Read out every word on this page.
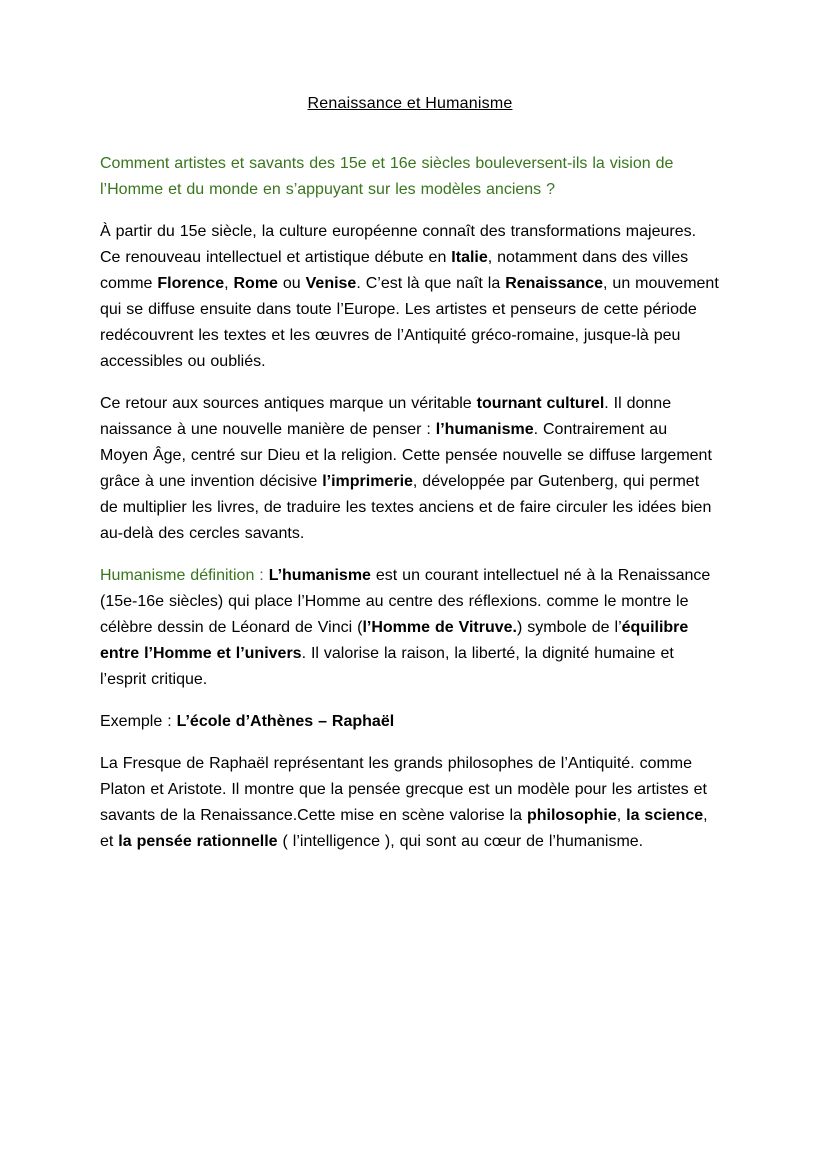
Renaissance et Humanisme

Comment artistes et savants des 15e et 16e siècles bouleversent-ils la vision de l’Homme et du monde en s’appuyant sur les modèles anciens ?

À partir du 15e siècle, la culture européenne connaît des transformations majeures. Ce renouveau intellectuel et artistique débute en Italie, notamment dans des villes comme Florence, Rome ou Venise. C’est là que naît la Renaissance, un mouvement qui se diffuse ensuite dans toute l’Europe. Les artistes et penseurs de cette période redécouvrent les textes et les œuvres de l’Antiquité gréco-romaine, jusque-là peu accessibles ou oubliés.

Ce retour aux sources antiques marque un véritable tournant culturel. Il donne naissance à une nouvelle manière de penser : l’humanisme. Contrairement au Moyen Âge, centré sur Dieu et la religion. Cette pensée nouvelle se diffuse largement grâce à une invention décisive l’imprimerie, développée par Gutenberg, qui permet de multiplier les livres, de traduire les textes anciens et de faire circuler les idées bien au-delà des cercles savants.

Humanisme définition : L’humanisme est un courant intellectuel né à la Renaissance (15e-16e siècles) qui place l’Homme au centre des réflexions. comme le montre le célèbre dessin de Léonard de Vinci (l’Homme de Vitruve.) symbole de l’équilibre entre l’Homme et l’univers. Il valorise la raison, la liberté, la dignité humaine et l’esprit critique.

Exemple : L’école d’Athènes – Raphaël

La Fresque de Raphaël représentant les grands philosophes de l’Antiquité. comme Platon et Aristote. Il montre que la pensée grecque est un modèle pour les artistes et savants de la Renaissance.Cette mise en scène valorise la philosophie, la science, et la pensée rationnelle ( l’intelligence ), qui sont au cœur de l’humanisme.
